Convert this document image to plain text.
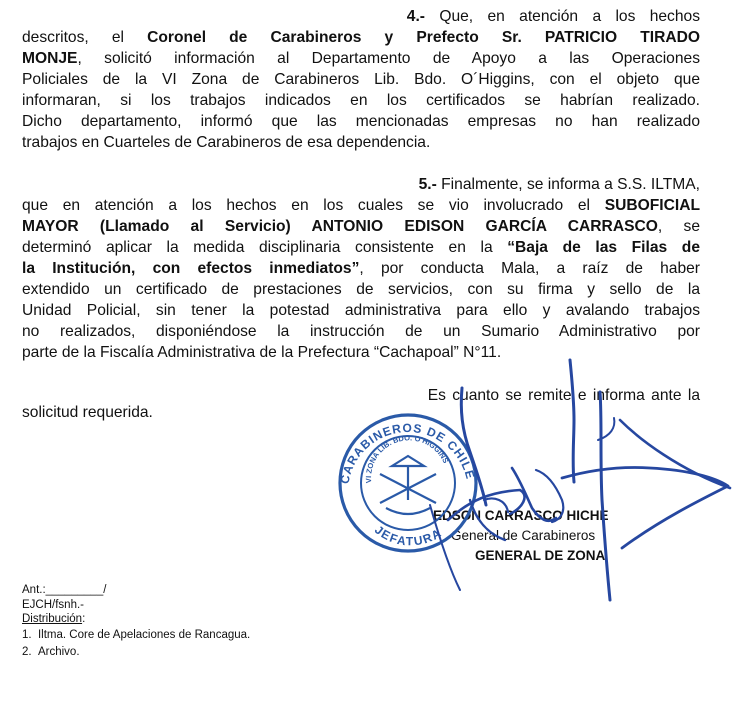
4.- Que, en atención a los hechos
descritos, el Coronel de Carabineros y Prefecto Sr. PATRICIO TIRADO
MONJE, solicitó información al Departamento de Apoyo a las Operaciones
Policiales de la VI Zona de Carabineros Lib. Bdo. O´Higgins, con el objeto que
informaran, si los trabajos indicados en los certificados se habrían realizado.
Dicho departamento, informó que las mencionadas empresas no han realizado
trabajos en Cuarteles de Carabineros de esa dependencia.
5.- Finalmente, se informa a S.S. ILTMA,
que en atención a los hechos en los cuales se vio involucrado el SUBOFICIAL
MAYOR (Llamado al Servicio) ANTONIO EDISON GARCÍA CARRASCO, se
determinó aplicar la medida disciplinaria consistente en la “Baja de las Filas de
la Institución, con efectos inmediatos”, por conducta Mala, a raíz de haber
extendido un certificado de prestaciones de servicios, con su firma y sello de la
Unidad Policial, sin tener la potestad administrativa para ello y avalando trabajos
no realizados, disponiéndose la instrucción de un Sumario Administrativo por
parte de la Fiscalía Administrativa de la Prefectura “Cachapoal” N°11.
Es cuanto se remite e informa ante la
solicitud requerida.
EDSON CARRASCO HICHE
General de Carabineros
GENERAL DE ZONA
CARABINEROS DE CHILE
JEFATURA
VI ZONA LIB. BDO. O'HIGGINS
Ant.:_________/
EJCH/fsnh.-
Distribución:
1. Iltma. Core de Apelaciones de Rancagua.
2. Archivo.
